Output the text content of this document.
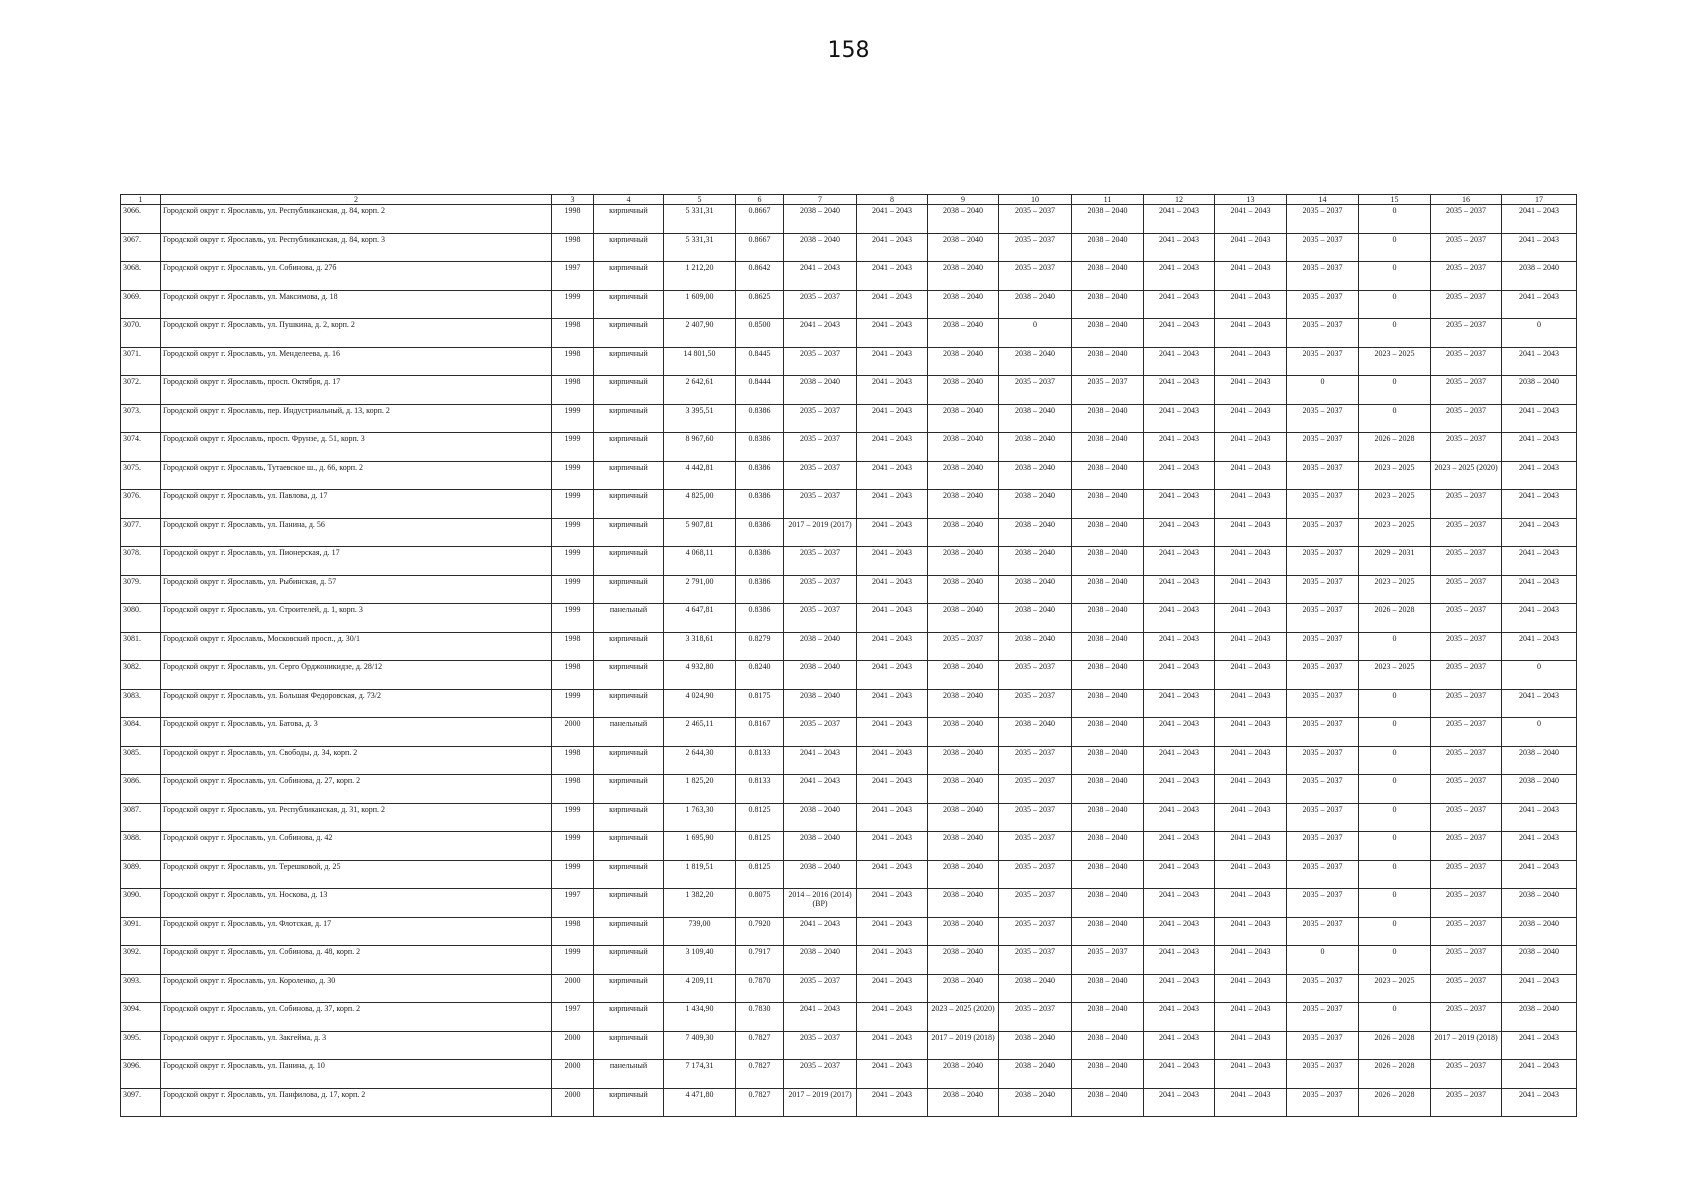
158
1	2	3	4	5	6	7	8	9	10	11	12	13	14	15	16	17
3066.	Городской округ г. Ярославль, ул. Республиканская, д. 84, корп. 2	1998	кирпичный	5 331,31	0.8667	2038 – 2040	2041 – 2043	2038 – 2040	2035 – 2037	2038 – 2040	2041 – 2043	2041 – 2043	2035 – 2037	0	2035 – 2037	2041 – 2043
3067.	Городской округ г. Ярославль, ул. Республиканская, д. 84, корп. 3	1998	кирпичный	5 331,31	0.8667	2038 – 2040	2041 – 2043	2038 – 2040	2035 – 2037	2038 – 2040	2041 – 2043	2041 – 2043	2035 – 2037	0	2035 – 2037	2041 – 2043
3068.	Городской округ г. Ярославль, ул. Собинова, д. 27б	1997	кирпичный	1 212,20	0.8642	2041 – 2043	2041 – 2043	2038 – 2040	2035 – 2037	2038 – 2040	2041 – 2043	2041 – 2043	2035 – 2037	0	2035 – 2037	2038 – 2040
3069.	Городской округ г. Ярославль, ул. Максимова, д. 18	1999	кирпичный	1 609,00	0.8625	2035 – 2037	2041 – 2043	2038 – 2040	2038 – 2040	2038 – 2040	2041 – 2043	2041 – 2043	2035 – 2037	0	2035 – 2037	2041 – 2043
3070.	Городской округ г. Ярославль, ул. Пушкина, д. 2, корп. 2	1998	кирпичный	2 407,90	0.8500	2041 – 2043	2041 – 2043	2038 – 2040	0	2038 – 2040	2041 – 2043	2041 – 2043	2035 – 2037	0	2035 – 2037	0
3071.	Городской округ г. Ярославль, ул. Менделеева, д. 16	1998	кирпичный	14 801,50	0.8445	2035 – 2037	2041 – 2043	2038 – 2040	2038 – 2040	2038 – 2040	2041 – 2043	2041 – 2043	2035 – 2037	2023 – 2025	2035 – 2037	2041 – 2043
3072.	Городской округ г. Ярославль, просп. Октября, д. 17	1998	кирпичный	2 642,61	0.8444	2038 – 2040	2041 – 2043	2038 – 2040	2035 – 2037	2035 – 2037	2041 – 2043	2041 – 2043	0	0	2035 – 2037	2038 – 2040
3073.	Городской округ г. Ярославль, пер. Индустриальный, д. 13, корп. 2	1999	кирпичный	3 395,51	0.8386	2035 – 2037	2041 – 2043	2038 – 2040	2038 – 2040	2038 – 2040	2041 – 2043	2041 – 2043	2035 – 2037	0	2035 – 2037	2041 – 2043
3074.	Городской округ г. Ярославль, просп. Фрунзе, д. 51, корп. 3	1999	кирпичный	8 967,60	0.8386	2035 – 2037	2041 – 2043	2038 – 2040	2038 – 2040	2038 – 2040	2041 – 2043	2041 – 2043	2035 – 2037	2026 – 2028	2035 – 2037	2041 – 2043
3075.	Городской округ г. Ярославль, Тутаевское ш., д. 66, корп. 2	1999	кирпичный	4 442,81	0.8386	2035 – 2037	2041 – 2043	2038 – 2040	2038 – 2040	2038 – 2040	2041 – 2043	2041 – 2043	2035 – 2037	2023 – 2025	2023 – 2025 (2020)	2041 – 2043
3076.	Городской округ г. Ярославль, ул. Павлова, д. 17	1999	кирпичный	4 825,00	0.8386	2035 – 2037	2041 – 2043	2038 – 2040	2038 – 2040	2038 – 2040	2041 – 2043	2041 – 2043	2035 – 2037	2023 – 2025	2035 – 2037	2041 – 2043
3077.	Городской округ г. Ярославль, ул. Панина, д. 56	1999	кирпичный	5 907,81	0.8386	2017 – 2019 (2017)	2041 – 2043	2038 – 2040	2038 – 2040	2038 – 2040	2041 – 2043	2041 – 2043	2035 – 2037	2023 – 2025	2035 – 2037	2041 – 2043
3078.	Городской округ г. Ярославль, ул. Пионерская, д. 17	1999	кирпичный	4 068,11	0.8386	2035 – 2037	2041 – 2043	2038 – 2040	2038 – 2040	2038 – 2040	2041 – 2043	2041 – 2043	2035 – 2037	2029 – 2031	2035 – 2037	2041 – 2043
3079.	Городской округ г. Ярославль, ул. Рыбинская, д. 57	1999	кирпичный	2 791,00	0.8386	2035 – 2037	2041 – 2043	2038 – 2040	2038 – 2040	2038 – 2040	2041 – 2043	2041 – 2043	2035 – 2037	2023 – 2025	2035 – 2037	2041 – 2043
3080.	Городской округ г. Ярославль, ул. Строителей, д. 1, корп. 3	1999	панельный	4 647,81	0.8386	2035 – 2037	2041 – 2043	2038 – 2040	2038 – 2040	2038 – 2040	2041 – 2043	2041 – 2043	2035 – 2037	2026 – 2028	2035 – 2037	2041 – 2043
3081.	Городской округ г. Ярославль, Московский просп., д. 30/1	1998	кирпичный	3 318,61	0.8279	2038 – 2040	2041 – 2043	2035 – 2037	2038 – 2040	2038 – 2040	2041 – 2043	2041 – 2043	2035 – 2037	0	2035 – 2037	2041 – 2043
3082.	Городской округ г. Ярославль, ул. Серго Орджоникидзе, д. 28/12	1998	кирпичный	4 932,80	0.8240	2038 – 2040	2041 – 2043	2038 – 2040	2035 – 2037	2038 – 2040	2041 – 2043	2041 – 2043	2035 – 2037	2023 – 2025	2035 – 2037	0
3083.	Городской округ г. Ярославль, ул. Большая Федоровская, д. 73/2	1999	кирпичный	4 024,90	0.8175	2038 – 2040	2041 – 2043	2038 – 2040	2035 – 2037	2038 – 2040	2041 – 2043	2041 – 2043	2035 – 2037	0	2035 – 2037	2041 – 2043
3084.	Городской округ г. Ярославль, ул. Батова, д. 3	2000	панельный	2 465,11	0.8167	2035 – 2037	2041 – 2043	2038 – 2040	2038 – 2040	2038 – 2040	2041 – 2043	2041 – 2043	2035 – 2037	0	2035 – 2037	0
3085.	Городской округ г. Ярославль, ул. Свободы, д. 34, корп. 2	1998	кирпичный	2 644,30	0.8133	2041 – 2043	2041 – 2043	2038 – 2040	2035 – 2037	2038 – 2040	2041 – 2043	2041 – 2043	2035 – 2037	0	2035 – 2037	2038 – 2040
3086.	Городской округ г. Ярославль, ул. Собинова, д. 27, корп. 2	1998	кирпичный	1 825,20	0.8133	2041 – 2043	2041 – 2043	2038 – 2040	2035 – 2037	2038 – 2040	2041 – 2043	2041 – 2043	2035 – 2037	0	2035 – 2037	2038 – 2040
3087.	Городской округ г. Ярославль, ул. Республиканская, д. 31, корп. 2	1999	кирпичный	1 763,30	0.8125	2038 – 2040	2041 – 2043	2038 – 2040	2035 – 2037	2038 – 2040	2041 – 2043	2041 – 2043	2035 – 2037	0	2035 – 2037	2041 – 2043
3088.	Городской округ г. Ярославль, ул. Собинова, д. 42	1999	кирпичный	1 695,90	0.8125	2038 – 2040	2041 – 2043	2038 – 2040	2035 – 2037	2038 – 2040	2041 – 2043	2041 – 2043	2035 – 2037	0	2035 – 2037	2041 – 2043
3089.	Городской округ г. Ярославль, ул. Терешковой, д. 25	1999	кирпичный	1 819,51	0.8125	2038 – 2040	2041 – 2043	2038 – 2040	2035 – 2037	2038 – 2040	2041 – 2043	2041 – 2043	2035 – 2037	0	2035 – 2037	2041 – 2043
3090.	Городской округ г. Ярославль, ул. Носкова, д. 13	1997	кирпичный	1 382,20	0.8075	2014 – 2016 (2014) (ВР)	2041 – 2043	2038 – 2040	2035 – 2037	2038 – 2040	2041 – 2043	2041 – 2043	2035 – 2037	0	2035 – 2037	2038 – 2040
3091.	Городской округ г. Ярославль, ул. Флотская, д. 17	1998	кирпичный	739,00	0.7920	2041 – 2043	2041 – 2043	2038 – 2040	2035 – 2037	2038 – 2040	2041 – 2043	2041 – 2043	2035 – 2037	0	2035 – 2037	2038 – 2040
3092.	Городской округ г. Ярославль, ул. Собинова, д. 48, корп. 2	1999	кирпичный	3 109,40	0.7917	2038 – 2040	2041 – 2043	2038 – 2040	2035 – 2037	2035 – 2037	2041 – 2043	2041 – 2043	0	0	2035 – 2037	2038 – 2040
3093.	Городской округ г. Ярославль, ул. Короленко, д. 30	2000	кирпичный	4 209,11	0.7870	2035 – 2037	2041 – 2043	2038 – 2040	2038 – 2040	2038 – 2040	2041 – 2043	2041 – 2043	2035 – 2037	2023 – 2025	2035 – 2037	2041 – 2043
3094.	Городской округ г. Ярославль, ул. Собинова, д. 37, корп. 2	1997	кирпичный	1 434,90	0.7830	2041 – 2043	2041 – 2043	2023 – 2025 (2020)	2035 – 2037	2038 – 2040	2041 – 2043	2041 – 2043	2035 – 2037	0	2035 – 2037	2038 – 2040
3095.	Городской округ г. Ярославль, ул. Закгейма, д. 3	2000	кирпичный	7 409,30	0.7827	2035 – 2037	2041 – 2043	2017 – 2019 (2018)	2038 – 2040	2038 – 2040	2041 – 2043	2041 – 2043	2035 – 2037	2026 – 2028	2017 – 2019 (2018)	2041 – 2043
3096.	Городской округ г. Ярославль, ул. Панина, д. 10	2000	панельный	7 174,31	0.7827	2035 – 2037	2041 – 2043	2038 – 2040	2038 – 2040	2038 – 2040	2041 – 2043	2041 – 2043	2035 – 2037	2026 – 2028	2035 – 2037	2041 – 2043
3097.	Городской округ г. Ярославль, ул. Панфилова, д. 17, корп. 2	2000	кирпичный	4 471,80	0.7827	2017 – 2019 (2017)	2041 – 2043	2038 – 2040	2038 – 2040	2038 – 2040	2041 – 2043	2041 – 2043	2035 – 2037	2026 – 2028	2035 – 2037	2041 – 2043
